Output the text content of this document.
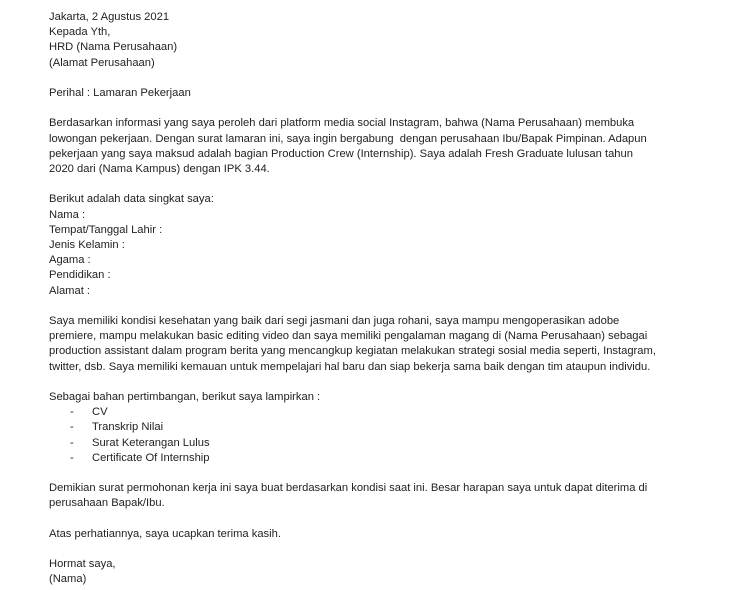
Jakarta, 2 Agustus 2021

Kepada Yth,

HRD (Nama Perusahaan)

(Alamat Perusahaan)

Perihal : Lamaran Pekerjaan

Berdasarkan informasi yang saya peroleh dari platform media social Instagram, bahwa (Nama Perusahaan) membuka

lowongan pekerjaan. Dengan surat lamaran ini, saya ingin bergabung  dengan perusahaan Ibu/Bapak Pimpinan. Adapun

pekerjaan yang saya maksud adalah bagian Production Crew (Internship). Saya adalah Fresh Graduate lulusan tahun

2020 dari (Nama Kampus) dengan IPK 3.44.

Berikut adalah data singkat saya:

Nama :

Tempat/Tanggal Lahir :

Jenis Kelamin :

Agama :

Pendidikan :

Alamat :

Saya memiliki kondisi kesehatan yang baik dari segi jasmani dan juga rohani, saya mampu mengoperasikan adobe

premiere, mampu melakukan basic editing video dan saya memiliki pengalaman magang di (Nama Perusahaan) sebagai

production assistant dalam program berita yang mencangkup kegiatan melakukan strategi sosial media seperti, Instagram,

twitter, dsb. Saya memiliki kemauan untuk mempelajari hal baru dan siap bekerja sama baik dengan tim ataupun individu.

Sebagai bahan pertimbangan, berikut saya lampirkan :

-	CV
-	Transkrip Nilai
-	Surat Keterangan Lulus
-	Certificate Of Internship

Demikian surat permohonan kerja ini saya buat berdasarkan kondisi saat ini. Besar harapan saya untuk dapat diterima di

perusahaan Bapak/Ibu.

Atas perhatiannya, saya ucapkan terima kasih.

Hormat saya,

(Nama)
